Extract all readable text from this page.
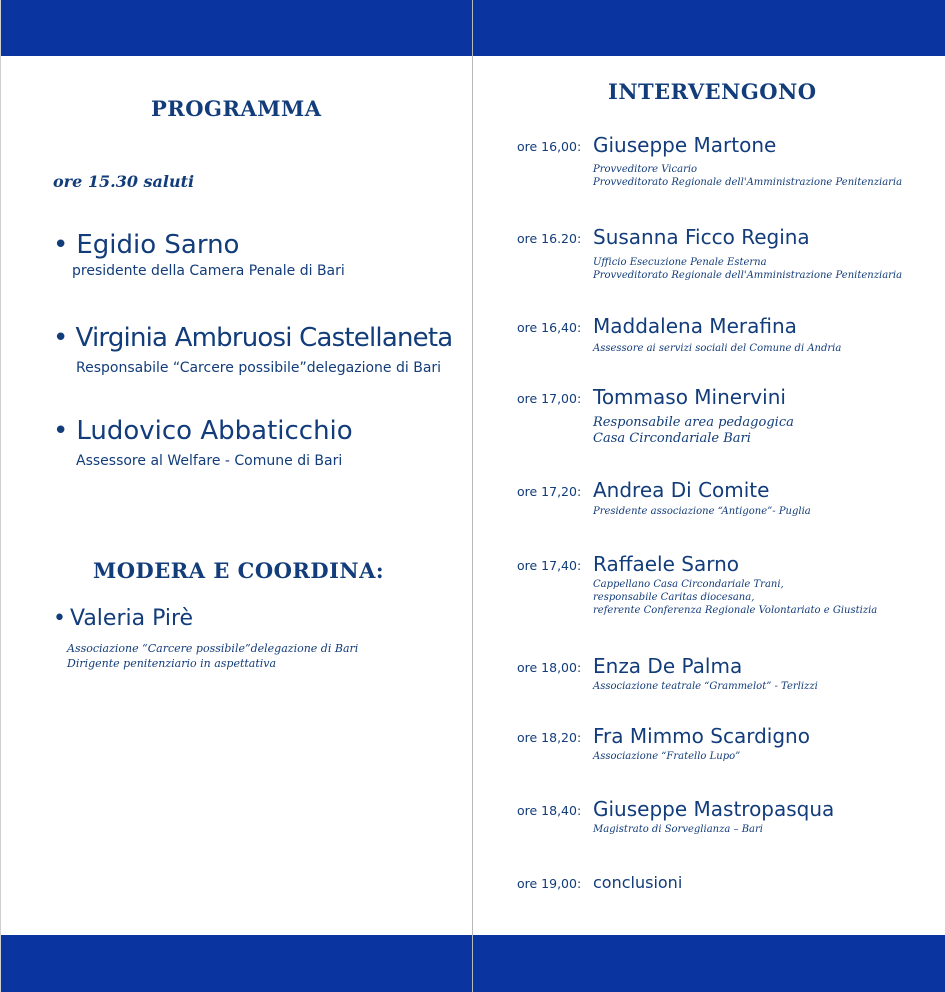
PROGRAMMA
ore 15.30 saluti
• Egidio Sarno
presidente della Camera Penale di Bari
• Virginia Ambruosi Castellaneta
Responsabile “Carcere possibile”delegazione di Bari
• Ludovico Abbaticchio
Assessore al Welfare - Comune di Bari
MODERA E COORDINA:
• Valeria Pirè
Associazione “Carcere possibile”delegazione di Bari
Dirigente penitenziario in aspettativa
INTERVENGONO
ore 16,00: Giuseppe Martone
Provveditore Vicario
Provveditorato Regionale dell'Amministrazione Penitenziaria
ore 16.20: Susanna Ficco Regina
Ufficio Esecuzione Penale Esterna
Provveditorato Regionale dell'Amministrazione Penitenziaria
ore 16,40: Maddalena Merafina
Assessore ai servizi sociali del Comune di Andria
ore 17,00: Tommaso Minervini
Responsabile area pedagogica
Casa Circondariale Bari
ore 17,20: Andrea Di Comite
Presidente associazione “Antigone”- Puglia
ore 17,40: Raffaele Sarno
Cappellano Casa Circondariale Trani,
responsabile Caritas diocesana,
referente Conferenza Regionale Volontariato e Giustizia
ore 18,00: Enza De Palma
Associazione teatrale “Grammelot” - Terlizzi
ore 18,20: Fra Mimmo Scardigno
Associazione “Fratello Lupo”
ore 18,40: Giuseppe Mastropasqua
Magistrato di Sorveglianza – Bari
ore 19,00: conclusioni
